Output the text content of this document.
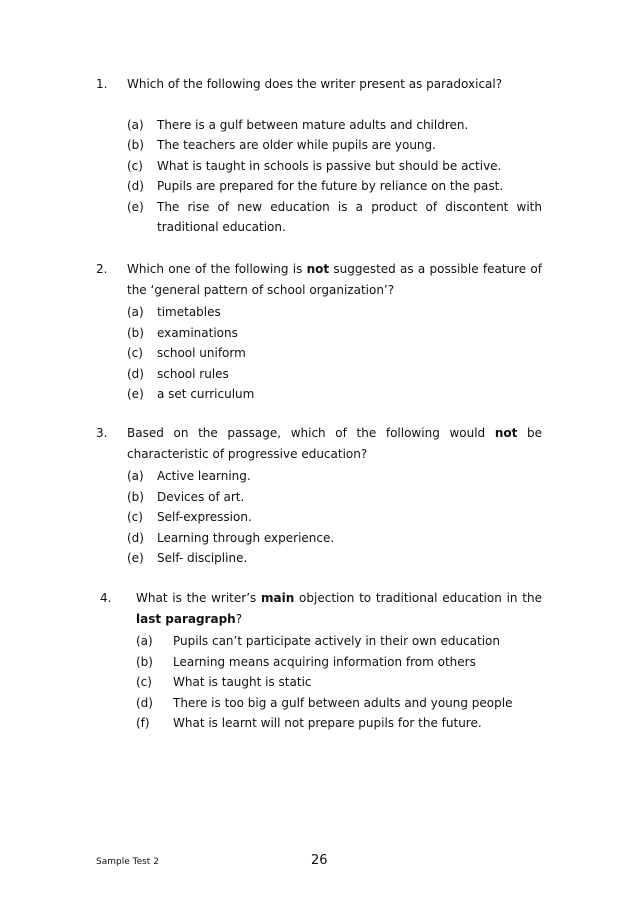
1. Which of the following does the writer present as paradoxical?
(a)	There is a gulf between mature adults and children.
(b)	The teachers are older while pupils are young.
(c)	What is taught in schools is passive but should be active.
(d)	Pupils are prepared for the future by reliance on the past.
(e)	The rise of new education is a product of discontent with traditional education.
2. Which one of the following is not suggested as a possible feature of the ‘general pattern of school organization’?
(a)	timetables
(b)	examinations
(c)	school uniform
(d)	school rules
(e)	a set curriculum
3. Based on the passage, which of the following would not be characteristic of progressive education?
(a)	Active learning.
(b)	Devices of art.
(c)	Self-expression.
(d)	Learning through experience.
(e)	Self- discipline.
4. What is the writer’s main objection to traditional education in the last paragraph?
(a)	Pupils can’t participate actively in their own education
(b)	Learning means acquiring information from others
(c)	What is taught is static
(d)	There is too big a gulf between adults and young people
(f)	What is learnt will not prepare pupils for the future.
Sample Test 2	26
